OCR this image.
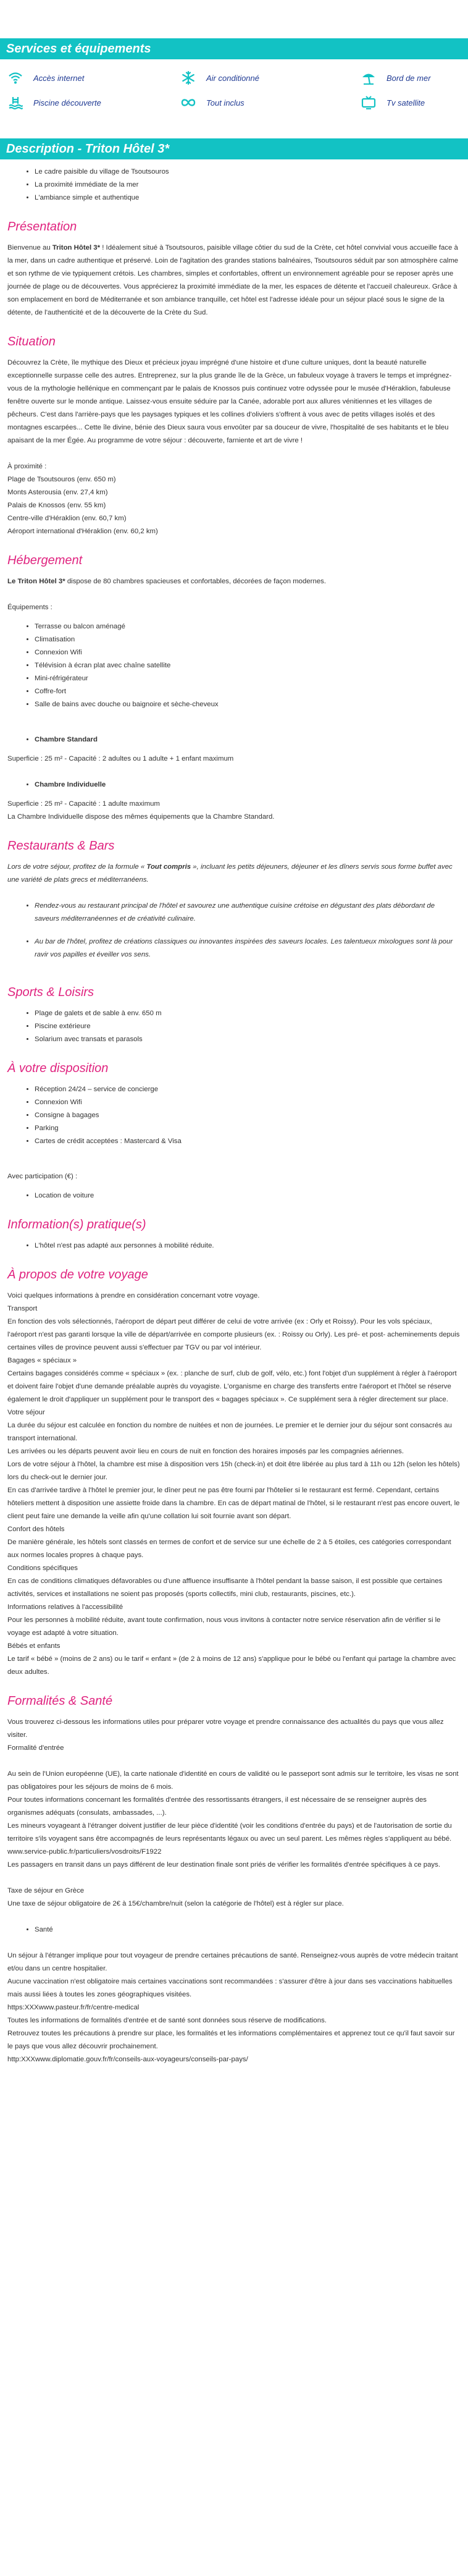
Services et équipements
Accès internet	Air conditionné	Bord de mer
Piscine découverte	Tout inclus	Tv satellite
Description - Triton Hôtel 3*
• Le cadre paisible du village de Tsoutsouros
• La proximité immédiate de la mer
• L'ambiance simple et authentique
Présentation

Bienvenue au Triton Hôtel 3* ! Idéalement situé à Tsoutsouros, paisible village côtier du sud de la Crète, cet hôtel convivial vous accueille face à la mer, dans un cadre authentique et préservé. Loin de l'agitation des grandes stations balnéaires, Tsoutsouros séduit par son atmosphère calme et son rythme de vie typiquement crétois. Les chambres, simples et confortables, offrent un environnement agréable pour se reposer après une journée de plage ou de découvertes. Vous apprécierez la proximité immédiate de la mer, les espaces de détente et l'accueil chaleureux. Grâce à son emplacement en bord de Méditerranée et son ambiance tranquille, cet hôtel est l'adresse idéale pour un séjour placé sous le signe de la détente, de l'authenticité et de la découverte de la Crète du Sud.

Situation

Découvrez la Crète, île mythique des Dieux et précieux joyau imprégné d'une histoire et d'une culture uniques, dont la beauté naturelle exceptionnelle surpasse celle des autres. Entreprenez, sur la plus grande île de la Grèce, un fabuleux voyage à travers le temps et imprégnez-vous de la mythologie hellénique en commençant par le palais de Knossos puis continuez votre odyssée pour le musée d'Héraklion, fabuleuse fenêtre ouverte sur le monde antique. Laissez-vous ensuite séduire par la Canée, adorable port aux allures vénitiennes et les villages de pêcheurs. C'est dans l'arrière-pays que les paysages typiques et les collines d'oliviers s'offrent à vous avec de petits villages isolés et des montagnes escarpées... Cette île divine, bénie des Dieux saura vous envoûter par sa douceur de vivre, l'hospitalité de ses habitants et le bleu apaisant de la mer Égée. Au programme de votre séjour : découverte, farniente et art de vivre !

À proximité :

Plage de Tsoutsouros (env. 650 m)

Monts Asterousia (env. 27,4 km)

Palais de Knossos (env. 55 km)

Centre-ville d'Héraklion (env. 60,7 km)

Aéroport international d'Héraklion (env. 60,2 km)

Hébergement

Le Triton Hôtel 3* dispose de 80 chambres spacieuses et confortables, décorées de façon modernes.

Équipements :

• Terrasse ou balcon aménagé
• Climatisation
• Connexion Wifi
• Télévision à écran plat avec chaîne satellite
• Mini-réfrigérateur
• Coffre-fort
• Salle de bains avec douche ou baignoire et sèche-cheveux
• Chambre Standard

Superficie : 25 m² - Capacité : 2 adultes ou 1 adulte + 1 enfant maximum

• Chambre Individuelle

Superficie : 25 m² - Capacité : 1 adulte maximum

La Chambre Individuelle dispose des mêmes équipements que la Chambre Standard.

Restaurants & Bars

Lors de votre séjour, profitez de la formule « Tout compris », incluant les petits déjeuners, déjeuner et les dîners servis sous forme buffet avec une variété de plats grecs et méditerranéens.

• Rendez-vous au restaurant principal de l'hôtel et savourez une authentique cuisine crétoise en dégustant des plats débordant de saveurs méditerranéennes et de créativité culinaire.
• Au bar de l'hôtel, profitez de créations classiques ou innovantes inspirées des saveurs locales. Les talentueux mixologues sont là pour ravir vos papilles et éveiller vos sens.
Sports & Loisirs
• Plage de galets et de sable à env. 650 m
• Piscine extérieure
• Solarium avec transats et parasols
À votre disposition
• Réception 24/24 – service de concierge
• Connexion Wifi
• Consigne à bagages
• Parking
• Cartes de crédit acceptées : Mastercard & Visa

Avec participation (€) :

• Location de voiture
Information(s) pratique(s)
• L'hôtel n'est pas adapté aux personnes à mobilité réduite.
À propos de votre voyage

Voici quelques informations à prendre en considération concernant votre voyage.

Transport

En fonction des vols sélectionnés, l'aéroport de départ peut différer de celui de votre arrivée (ex : Orly et Roissy). Pour les vols spéciaux, l'aéroport n'est pas garanti lorsque la ville de départ/arrivée en comporte plusieurs (ex. : Roissy ou Orly). Les pré- et post- acheminements depuis certaines villes de province peuvent aussi s'effectuer par TGV ou par vol intérieur.

Bagages « spéciaux »

Certains bagages considérés comme « spéciaux » (ex. : planche de surf, club de golf, vélo, etc.) font l'objet d'un supplément à régler à l'aéroport et doivent faire l'objet d'une demande préalable auprès du voyagiste. L'organisme en charge des transferts entre l'aéroport et l'hôtel se réserve également le droit d'appliquer un supplément pour le transport des « bagages spéciaux ». Ce supplément sera à régler directement sur place.

Votre séjour

La durée du séjour est calculée en fonction du nombre de nuitées et non de journées. Le premier et le dernier jour du séjour sont consacrés au transport international.

Les arrivées ou les départs peuvent avoir lieu en cours de nuit en fonction des horaires imposés par les compagnies aériennes.

Lors de votre séjour à l'hôtel, la chambre est mise à disposition vers 15h (check-in) et doit être libérée au plus tard à 11h ou 12h (selon les hôtels) lors du check-out le dernier jour.

En cas d'arrivée tardive à l'hôtel le premier jour, le dîner peut ne pas être fourni par l'hôtelier si le restaurant est fermé. Cependant, certains hôteliers mettent à disposition une assiette froide dans la chambre. En cas de départ matinal de l'hôtel, si le restaurant n'est pas encore ouvert, le client peut faire une demande la veille afin qu'une collation lui soit fournie avant son départ.

Confort des hôtels

De manière générale, les hôtels sont classés en termes de confort et de service sur une échelle de 2 à 5 étoiles, ces catégories correspondant aux normes locales propres à chaque pays.

Conditions spécifiques

En cas de conditions climatiques défavorables ou d'une affluence insuffisante à l'hôtel pendant la basse saison, il est possible que certaines activités, services et installations ne soient pas proposés (sports collectifs, mini club, restaurants, piscines, etc.).

Informations relatives à l'accessibilité

Pour les personnes à mobilité réduite, avant toute confirmation, nous vous invitons à contacter notre service réservation afin de vérifier si le voyage est adapté à votre situation.

Bébés et enfants

Le tarif « bébé » (moins de 2 ans) ou le tarif « enfant » (de 2 à moins de 12 ans) s'applique pour le bébé ou l'enfant qui partage la chambre avec deux adultes.

Formalités & Santé

Vous trouverez ci-dessous les informations utiles pour préparer votre voyage et prendre connaissance des actualités du pays que vous allez visiter.

Formalité d'entrée

Au sein de l'Union européenne (UE), la carte nationale d'identité en cours de validité ou le passeport sont admis sur le territoire, les visas ne sont pas obligatoires pour les séjours de moins de 6 mois.

Pour toutes informations concernant les formalités d'entrée des ressortissants étrangers, il est nécessaire de se renseigner auprès des organismes adéquats (consulats, ambassades, ...).

Les mineurs voyageant à l'étranger doivent justifier de leur pièce d'identité (voir les conditions d'entrée du pays) et de l'autorisation de sortie du territoire s'ils voyagent sans être accompagnés de leurs représentants légaux ou avec un seul parent. Les mêmes règles s'appliquent au bébé.

www.service-public.fr/particuliers/vosdroits/F1922

Les passagers en transit dans un pays différent de leur destination finale sont priés de vérifier les formalités d'entrée spécifiques à ce pays.

Taxe de séjour en Grèce

Une taxe de séjour obligatoire de 2€ à 15€/chambre/nuit (selon la catégorie de l'hôtel) est à régler sur place.

• Santé

Un séjour à l'étranger implique pour tout voyageur de prendre certaines précautions de santé. Renseignez-vous auprès de votre médecin traitant et/ou dans un centre hospitalier.

Aucune vaccination n'est obligatoire mais certaines vaccinations sont recommandées : s'assurer d'être à jour dans ses vaccinations habituelles mais aussi liées à toutes les zones géographiques visitées.

https:XXXwww.pasteur.fr/fr/centre-medical

Toutes les informations de formalités d'entrée et de santé sont données sous réserve de modifications.

Retrouvez toutes les précautions à prendre sur place, les formalités et les informations complémentaires et apprenez tout ce qu'il faut savoir sur le pays que vous allez découvrir prochainement.

http:XXXwww.diplomatie.gouv.fr/fr/conseils-aux-voyageurs/conseils-par-pays/
